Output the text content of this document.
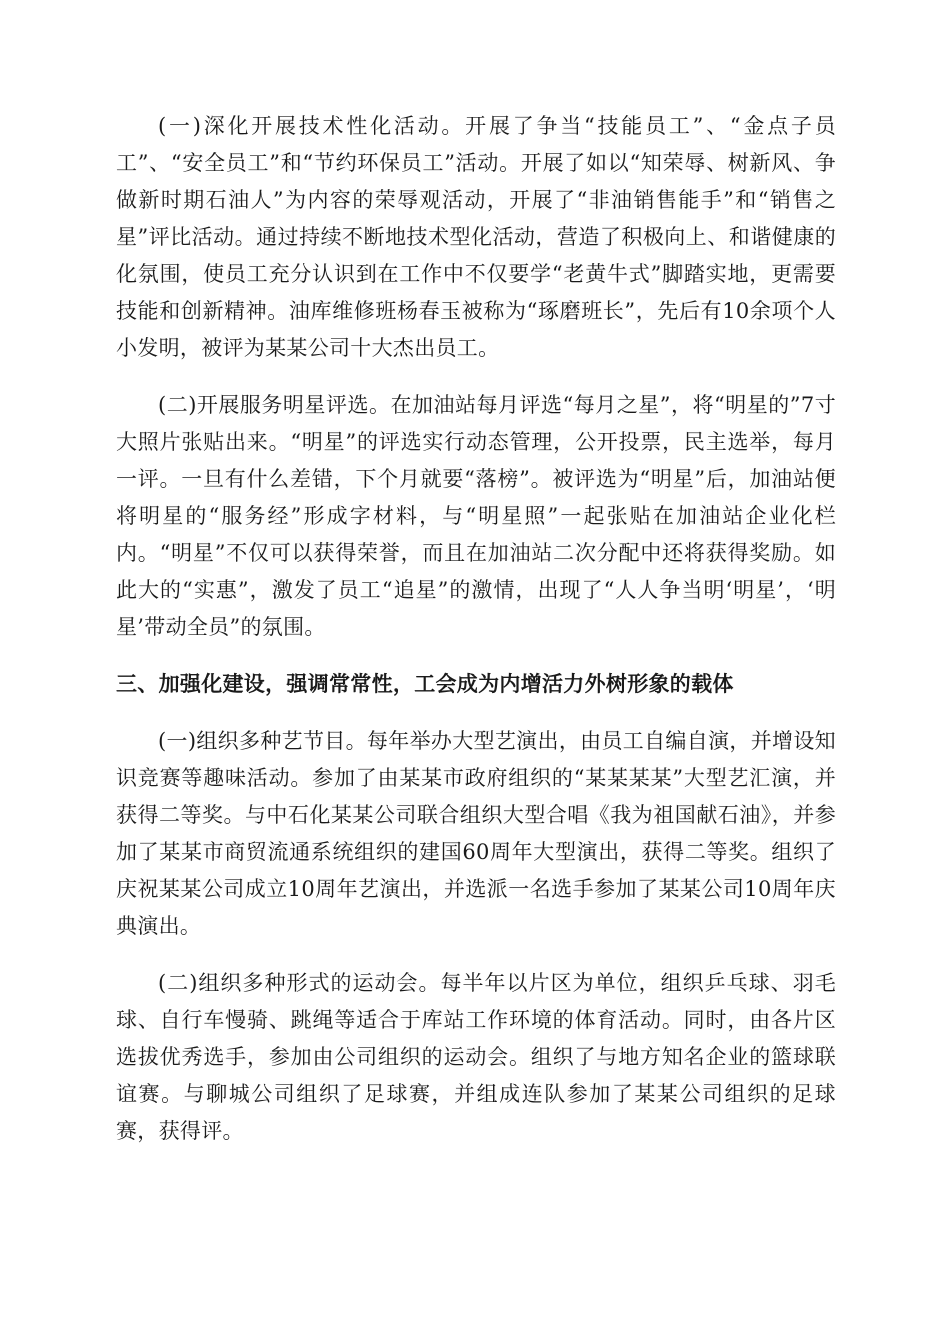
(一)深化开展技术性化活动。开展了争当“技能员工”、“金点子员工”、“安全员工”和“节约环保员工”活动。开展了如以“知荣辱、树新风、争做新时期石油人”为内容的荣辱观活动，开展了“非油销售能手”和“销售之星”评比活动。通过持续不断地技术型化活动，营造了积极向上、和谐健康的化氛围，使员工充分认识到在工作中不仅要学“老黄牛式”脚踏实地，更需要技能和创新精神。油库维修班杨春玉被称为“琢磨班长”，先后有10余项个人小发明，被评为某某公司十大杰出员工。

(二)开展服务明星评选。在加油站每月评选“每月之星”，将“明星的”7寸大照片张贴出来。“明星”的评选实行动态管理，公开投票，民主选举，每月一评。一旦有什么差错，下个月就要“落榜”。被评选为“明星”后，加油站便将明星的“服务经”形成字材料，与“明星照”一起张贴在加油站企业化栏内。“明星”不仅可以获得荣誉，而且在加油站二次分配中还将获得奖励。如此大的“实惠”，激发了员工“追星”的激情，出现了“人人争当明‘明星’，‘明星’带动全员”的氛围。

三、加强化建设，强调常常性，工会成为内增活力外树形象的载体

(一)组织多种艺节目。每年举办大型艺演出，由员工自编自演，并增设知识竞赛等趣味活动。参加了由某某市政府组织的“某某某某”大型艺汇演，并获得二等奖。与中石化某某公司联合组织大型合唱《我为祖国献石油》，并参加了某某市商贸流通系统组织的建国60周年大型演出，获得二等奖。组织了庆祝某某公司成立10周年艺演出，并选派一名选手参加了某某公司10周年庆典演出。

(二)组织多种形式的运动会。每半年以片区为单位，组织乒乓球、羽毛球、自行车慢骑、跳绳等适合于库站工作环境的体育活动。同时，由各片区选拔优秀选手，参加由公司组织的运动会。组织了与地方知名企业的篮球联谊赛。与聊城公司组织了足球赛，并组成连队参加了某某公司组织的足球赛，获得评。
